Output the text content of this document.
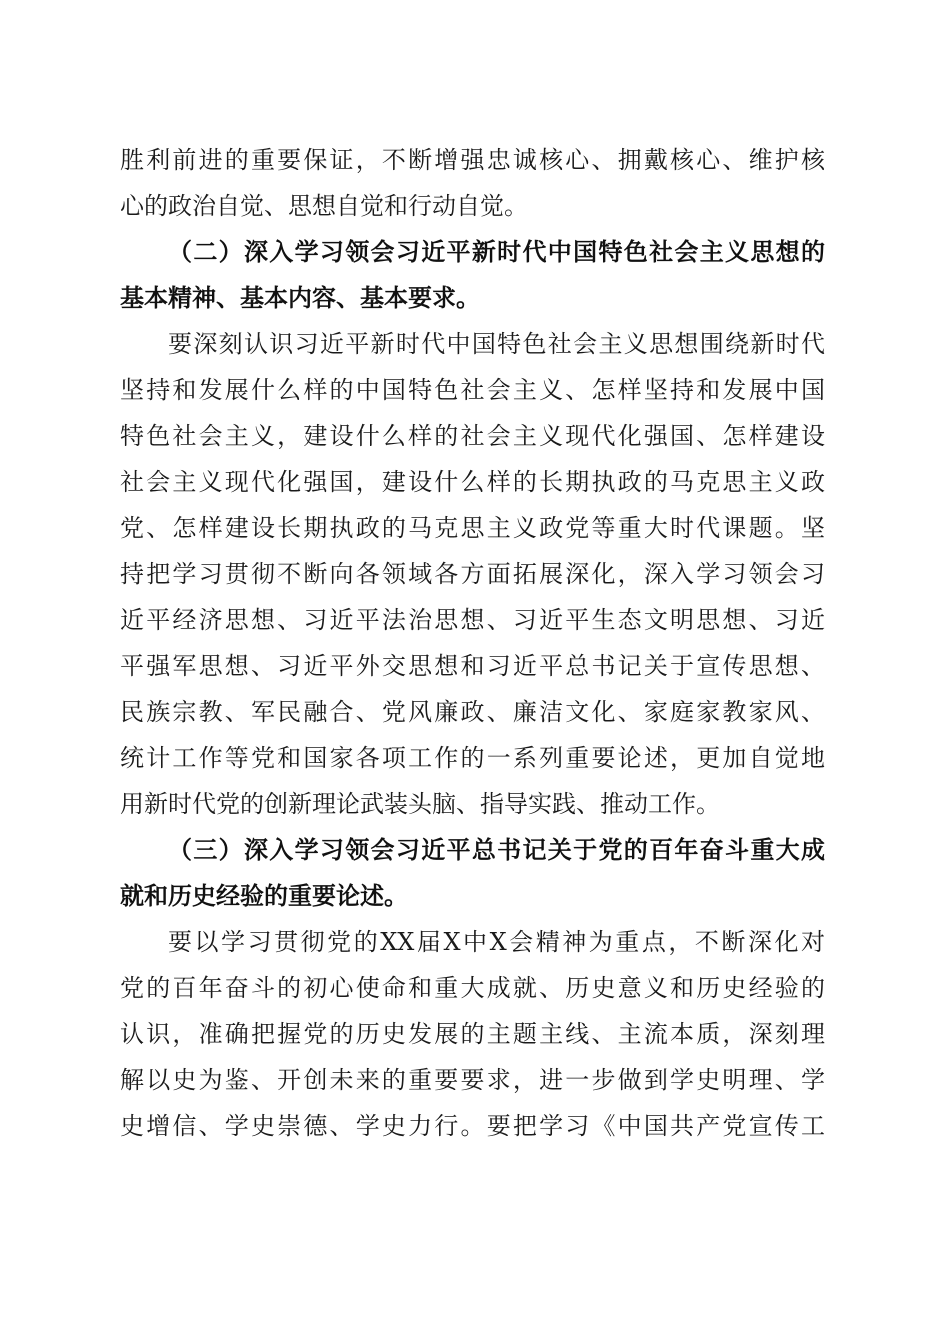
胜利前进的重要保证，不断增强忠诚核心、拥戴核心、维护核
心的政治自觉、思想自觉和行动自觉。
（二）深入学习领会习近平新时代中国特色社会主义思想的
基本精神、基本内容、基本要求。
要深刻认识习近平新时代中国特色社会主义思想围绕新时代
坚持和发展什么样的中国特色社会主义、怎样坚持和发展中国
特色社会主义，建设什么样的社会主义现代化强国、怎样建设
社会主义现代化强国，建设什么样的长期执政的马克思主义政
党、怎样建设长期执政的马克思主义政党等重大时代课题。坚
持把学习贯彻不断向各领域各方面拓展深化，深入学习领会习
近平经济思想、习近平法治思想、习近平生态文明思想、习近
平强军思想、习近平外交思想和习近平总书记关于宣传思想、
民族宗教、军民融合、党风廉政、廉洁文化、家庭家教家风、
统计工作等党和国家各项工作的一系列重要论述，更加自觉地
用新时代党的创新理论武装头脑、指导实践、推动工作。
（三）深入学习领会习近平总书记关于党的百年奋斗重大成
就和历史经验的重要论述。
要以学习贯彻党的XX届X中X会精神为重点，不断深化对
党的百年奋斗的初心使命和重大成就、历史意义和历史经验的
认识，准确把握党的历史发展的主题主线、主流本质，深刻理
解以史为鉴、开创未来的重要要求，进一步做到学史明理、学
史增信、学史崇德、学史力行。要把学习《中国共产党宣传工
